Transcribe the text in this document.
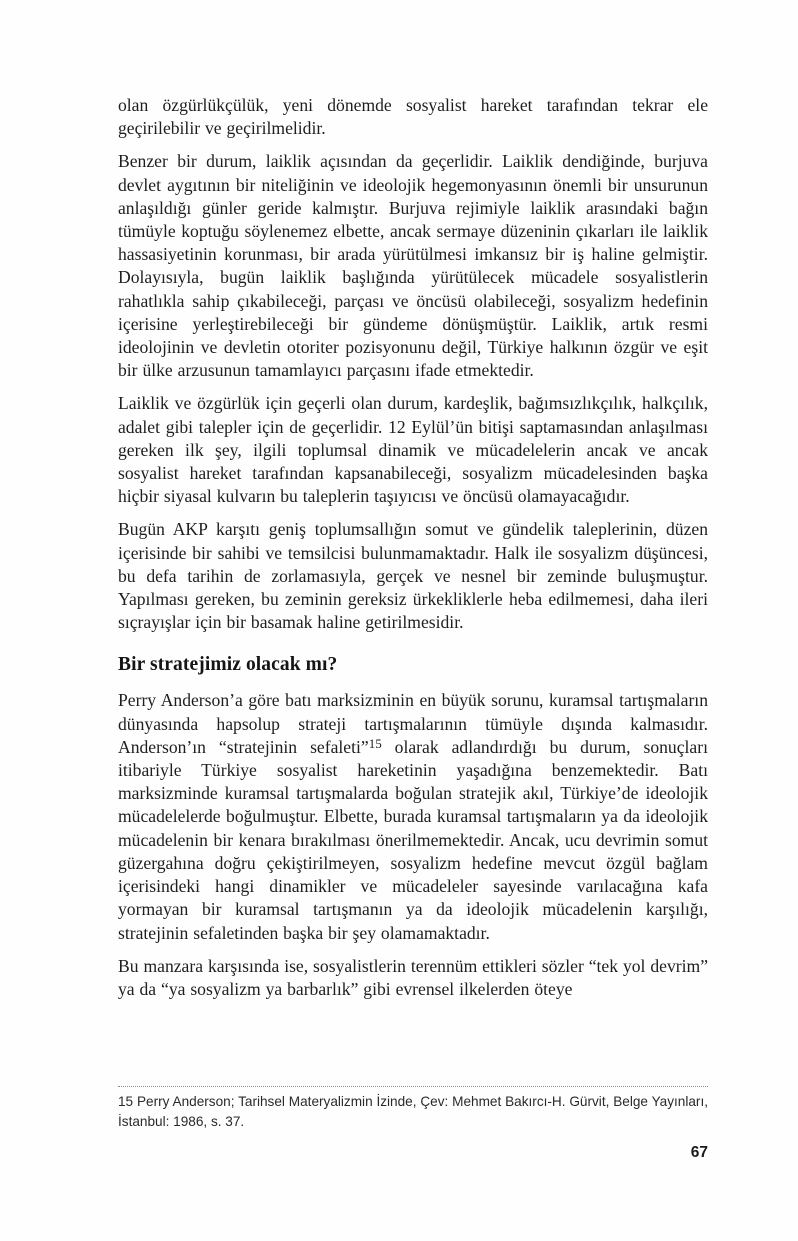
olan özgürlükçülük, yeni dönemde sosyalist hareket tarafından tekrar ele geçirilebilir ve geçirilmelidir.

Benzer bir durum, laiklik açısından da geçerlidir. Laiklik dendiğinde, burjuva devlet aygıtının bir niteliğinin ve ideolojik hegemonyasının önemli bir unsurunun anlaşıldığı günler geride kalmıştır. Burjuva rejimiyle laiklik arasındaki bağın tümüyle koptuğu söylenemez elbette, ancak sermaye düzeninin çıkarları ile laiklik hassasiyetinin korunması, bir arada yürütülmesi imkansız bir iş haline gelmiştir. Dolayısıyla, bugün laiklik başlığında yürütülecek mücadele sosyalistlerin rahatlıkla sahip çıkabileceği, parçası ve öncüsü olabileceği, sosyalizm hedefinin içerisine yerleştirebileceği bir gündeme dönüşmüştür. Laiklik, artık resmi ideolojinin ve devletin otoriter pozisyonunu değil, Türkiye halkının özgür ve eşit bir ülke arzusunun tamamlayıcı parçasını ifade etmektedir.

Laiklik ve özgürlük için geçerli olan durum, kardeşlik, bağımsızlıkçılık, halkçılık, adalet gibi talepler için de geçerlidir. 12 Eylül’ün bitişi saptamasından anlaşılması gereken ilk şey, ilgili toplumsal dinamik ve mücadelelerin ancak ve ancak sosyalist hareket tarafından kapsanabileceği, sosyalizm mücadelesinden başka hiçbir siyasal kulvarın bu taleplerin taşıyıcısı ve öncüsü olamayacağıdır.

Bugün AKP karşıtı geniş toplumsallığın somut ve gündelik taleplerinin, düzen içerisinde bir sahibi ve temsilcisi bulunmamaktadır. Halk ile sosyalizm düşüncesi, bu defa tarihin de zorlamasıyla, gerçek ve nesnel bir zeminde buluşmuştur. Yapılması gereken, bu zeminin gereksiz ürkekliklerle heba edilmemesi, daha ileri sıçrayışlar için bir basamak haline getirilmesidir.

Bir stratejimiz olacak mı?

Perry Anderson’a göre batı marksizminin en büyük sorunu, kuramsal tartışmaların dünyasında hapsolup strateji tartışmalarının tümüyle dışında kalmasıdır. Anderson’ın “stratejinin sefaleti”$^{15}$ olarak adlandırdığı bu durum, sonuçları itibariyle Türkiye sosyalist hareketinin yaşadığına benzemektedir. Batı marksizminde kuramsal tartışmalarda boğulan stratejik akıl, Türkiye’de ideolojik mücadelelerde boğulmuştur. Elbette, burada kuramsal tartışmaların ya da ideolojik mücadelenin bir kenara bırakılması önerilmemektedir. Ancak, ucu devrimin somut güzergahına doğru çekiştirilmeyen, sosyalizm hedefine mevcut özgül bağlam içerisindeki hangi dinamikler ve mücadeleler sayesinde varılacağına kafa yormayan bir kuramsal tartışmanın ya da ideolojik mücadelenin karşılığı, stratejinin sefaletinden başka bir şey olamamaktadır.

Bu manzara karşısında ise, sosyalistlerin terennüm ettikleri sözler “tek yol devrim” ya da “ya sosyalizm ya barbarlık” gibi evrensel ilkelerden öteye

15 Perry Anderson; Tarihsel Materyalizmin İzinde, Çev: Mehmet Bakırcı-H. Gürvit, Belge Yayınları, İstanbul: 1986, s. 37.

67
